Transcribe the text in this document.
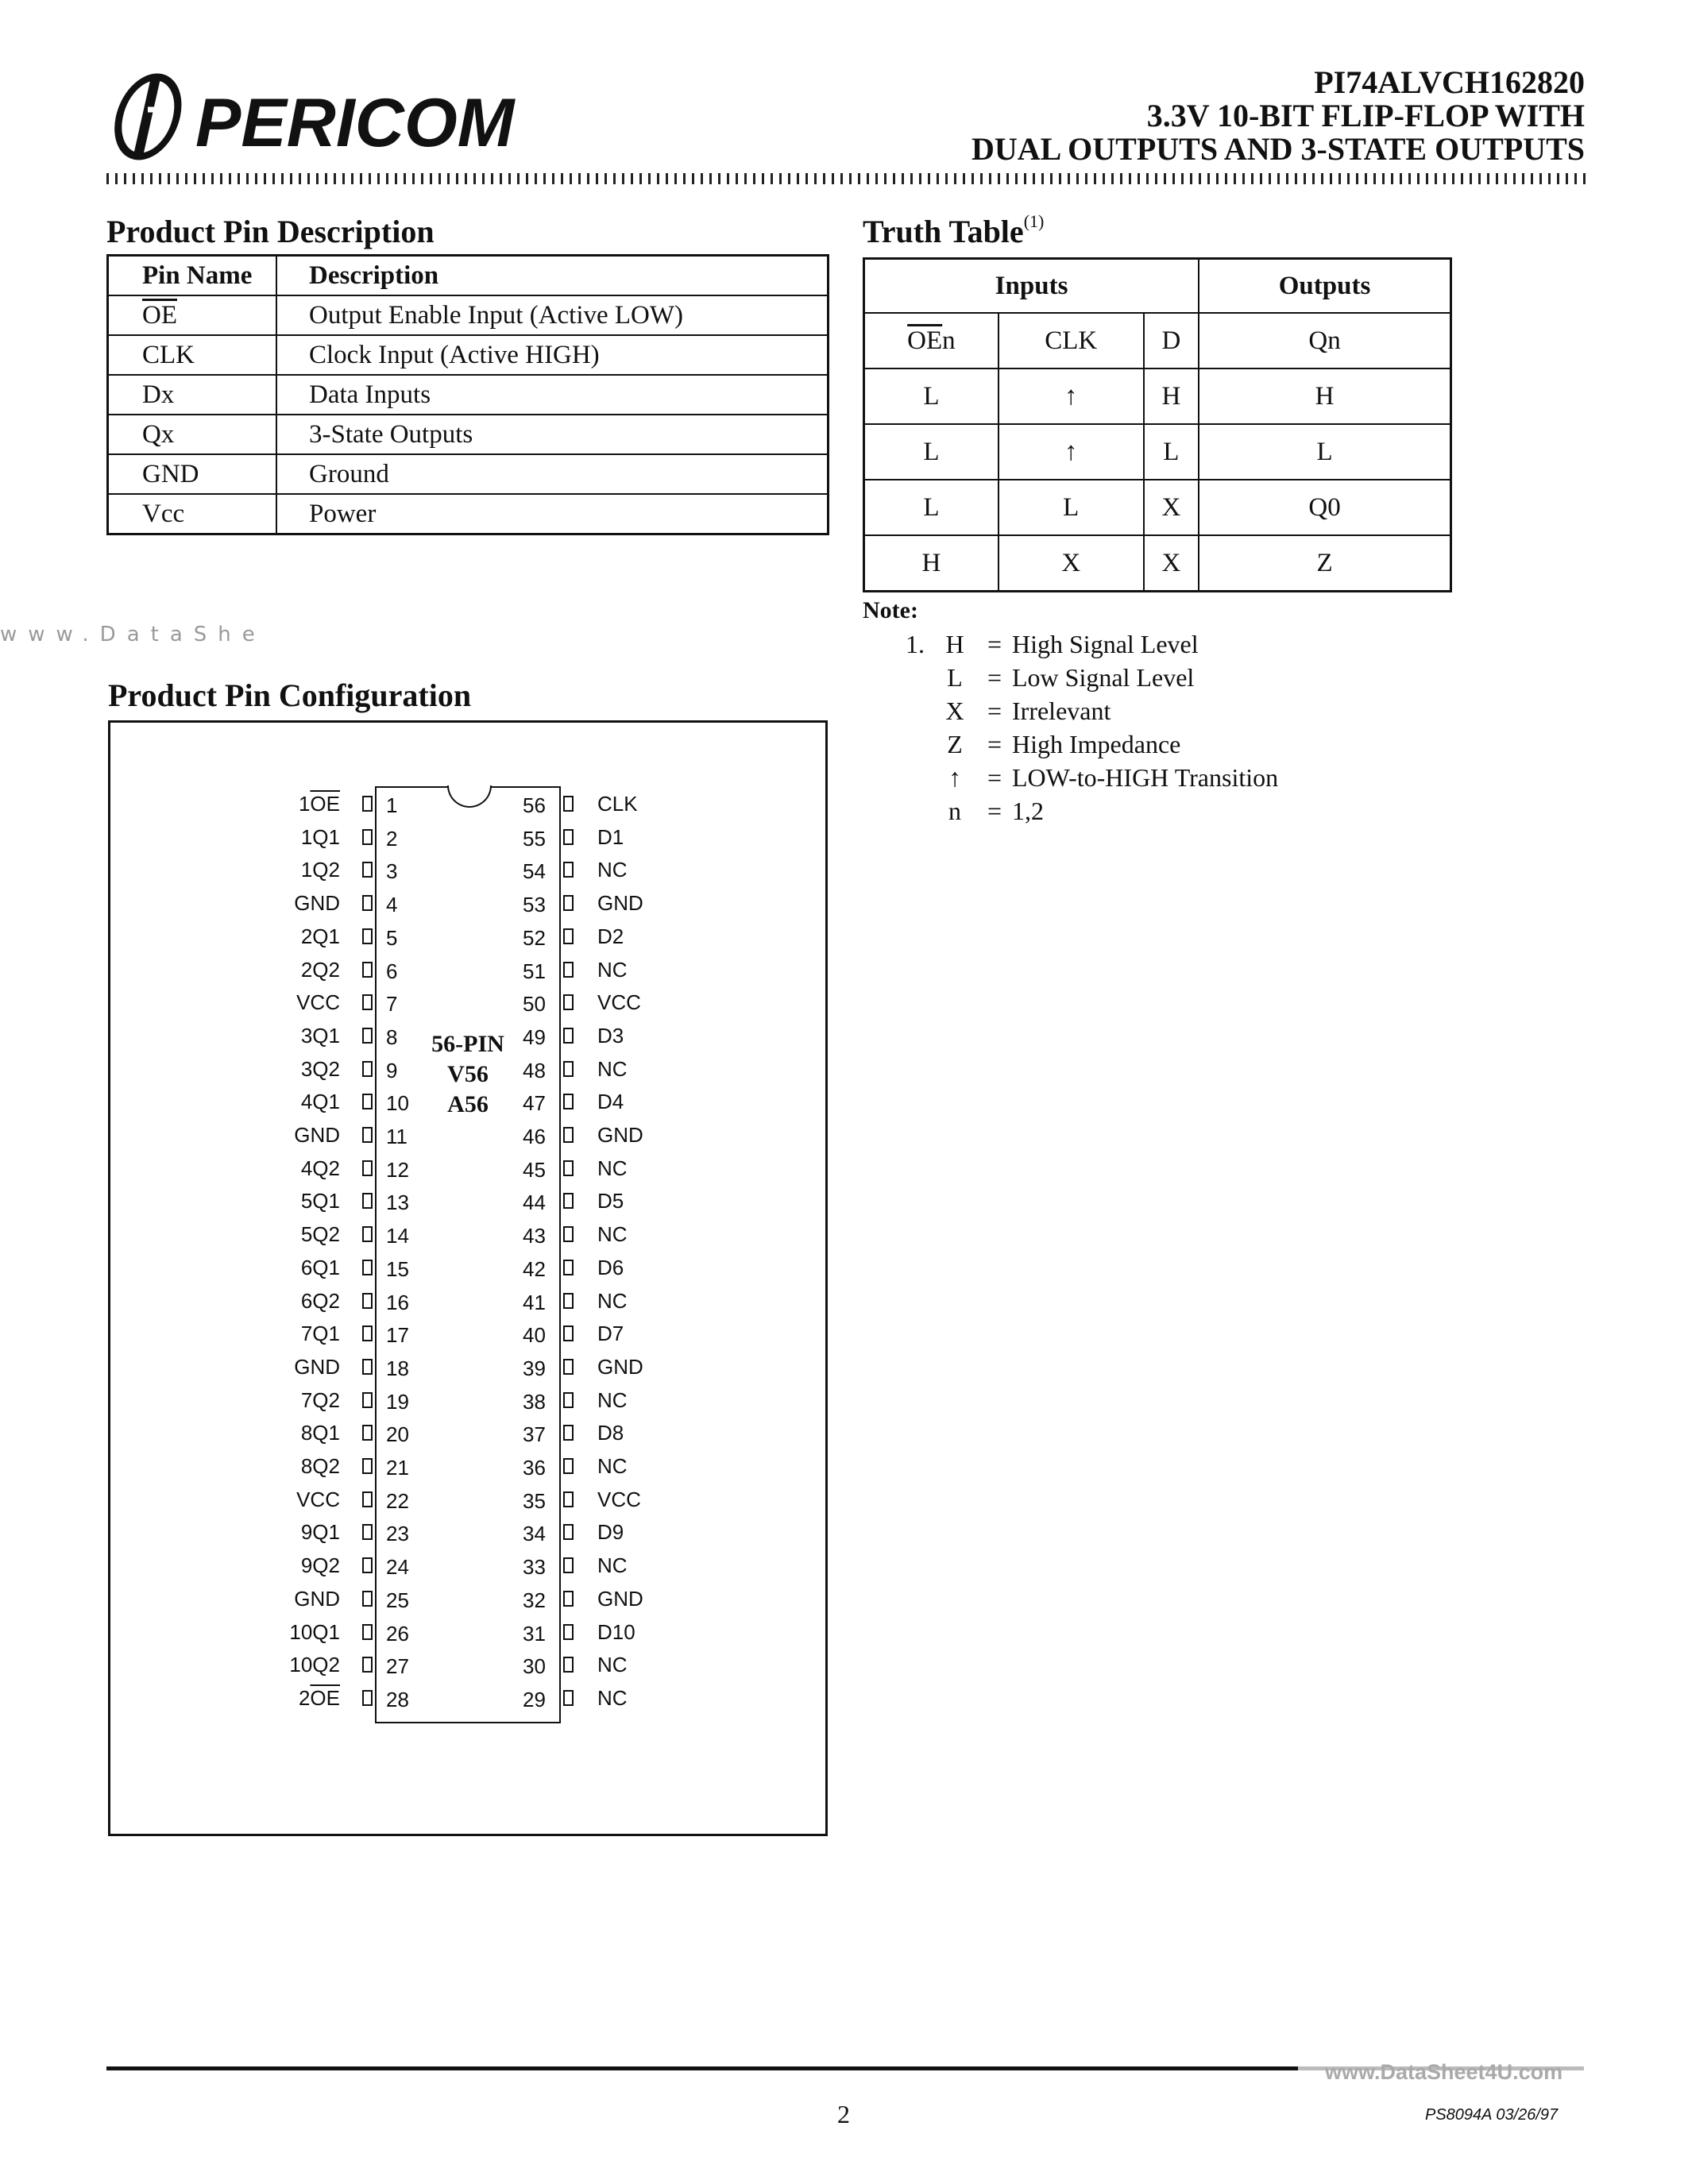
PERICOM
PI74ALVCH162820
3.3V 10-BIT FLIP-FLOP WITH
DUAL OUTPUTS AND 3-STATE OUTPUTS
Product Pin Description
Pin Name	Description
$\overline{OE}$	Output Enable Input (Active LOW)
CLK	Clock Input (Active HIGH)
Dx	Data Inputs
Qx	3-State Outputs
GND	Ground
Vcc	Power
Truth Table$^{(1)}$
Inputs			Outputs
$\overline{OE}n$	CLK	D	Qn
L	↑	H	H
L	↑	L	L
L	L	X	Q0
H	X	X	Z
Note:
1. H = High Signal Level
L = Low Signal Level
X = Irrelevant
Z = High Impedance
↑	= LOW-to-HIGH Transition
n	= 1,2
www.DataShe
Product Pin Configuration
56-PIN
V56
A56
$1\overline{OE}$ 1
1Q1 2
1Q2 3
GND 4
2Q1 5
2Q2 6
VCC 7
3Q1 8
3Q2 9
4Q1 10
GND 11
4Q2 12
5Q1 13
5Q2 14
6Q1 15
6Q2 16
7Q1 17
GND 18
7Q2 19
8Q1 20
8Q2 21
VCC 22
9Q1 23
9Q2 24
GND 25
10Q1 26
10Q2 27
$2\overline{OE}$ 28
CLK
56
D1
55
NC
54
GND
53
D2
52
NC
51
VCC
50
D3
49
NC
48
D4
47
GND
46
NC
45
D5
44
NC
43
D6
42
NC
41
D7
40
GND
39
NC
38
D8
37
NC
36
VCC
35
D9
34
NC
33
GND
32
D10
31
NC
30
NC
29
www.DataSheet4U.com
2	PS8094A 03/26/97
